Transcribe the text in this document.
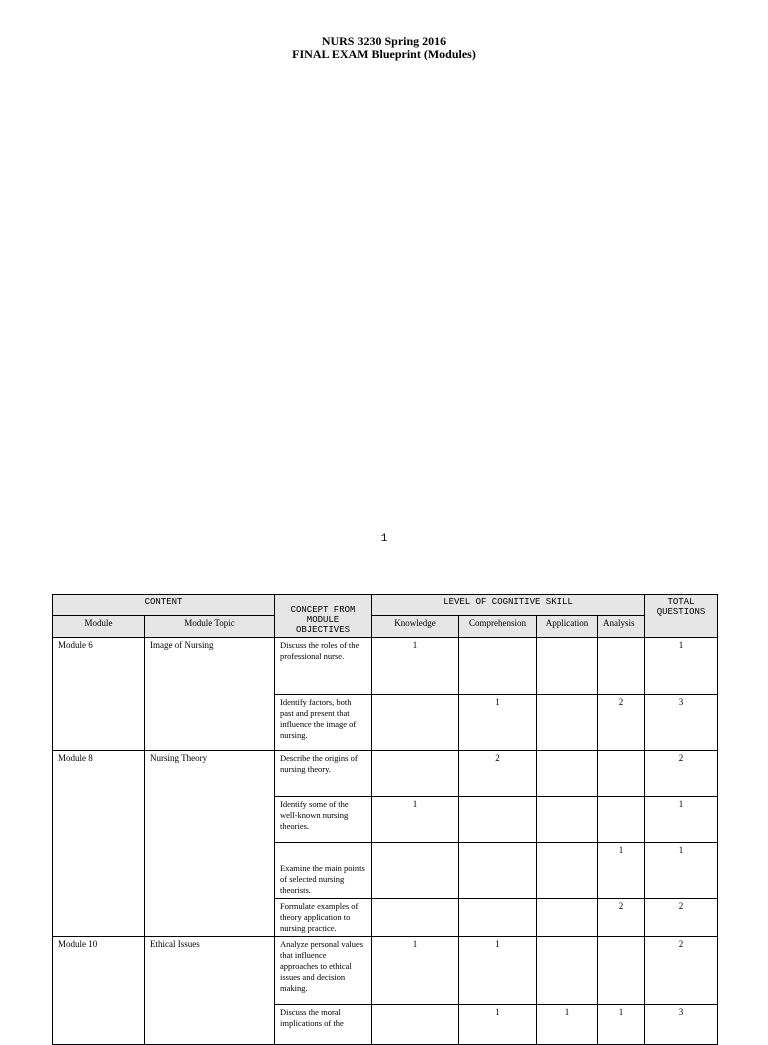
NURS 3230 Spring 2016
FINAL EXAM Blueprint (Modules)
1
CONTENT		CONCEPT FROM MODULE OBJECTIVES	LEVEL OF COGNITIVE SKILL				TOTAL QUESTIONS
Module	Module Topic		Knowledge	Comprehension	Application	Analysis	
Module 6	Image of Nursing	Discuss the roles of the professional nurse.	1				1
		Identify factors, both past and present that influence the image of nursing.		1		2	3
Module 8	Nursing Theory	Describe the origins of nursing theory.		2			2
		Identify some of the well-known nursing theories.	1				1
		Examine the main points of selected nursing theorists.				1	1
		Formulate examples of theory application to nursing practice.				2	2
Module 10	Ethical Issues	Analyze personal values that influence approaches to ethical issues and decision making.	1	1			2
		Discuss the moral implications of the		1	1	1	3
